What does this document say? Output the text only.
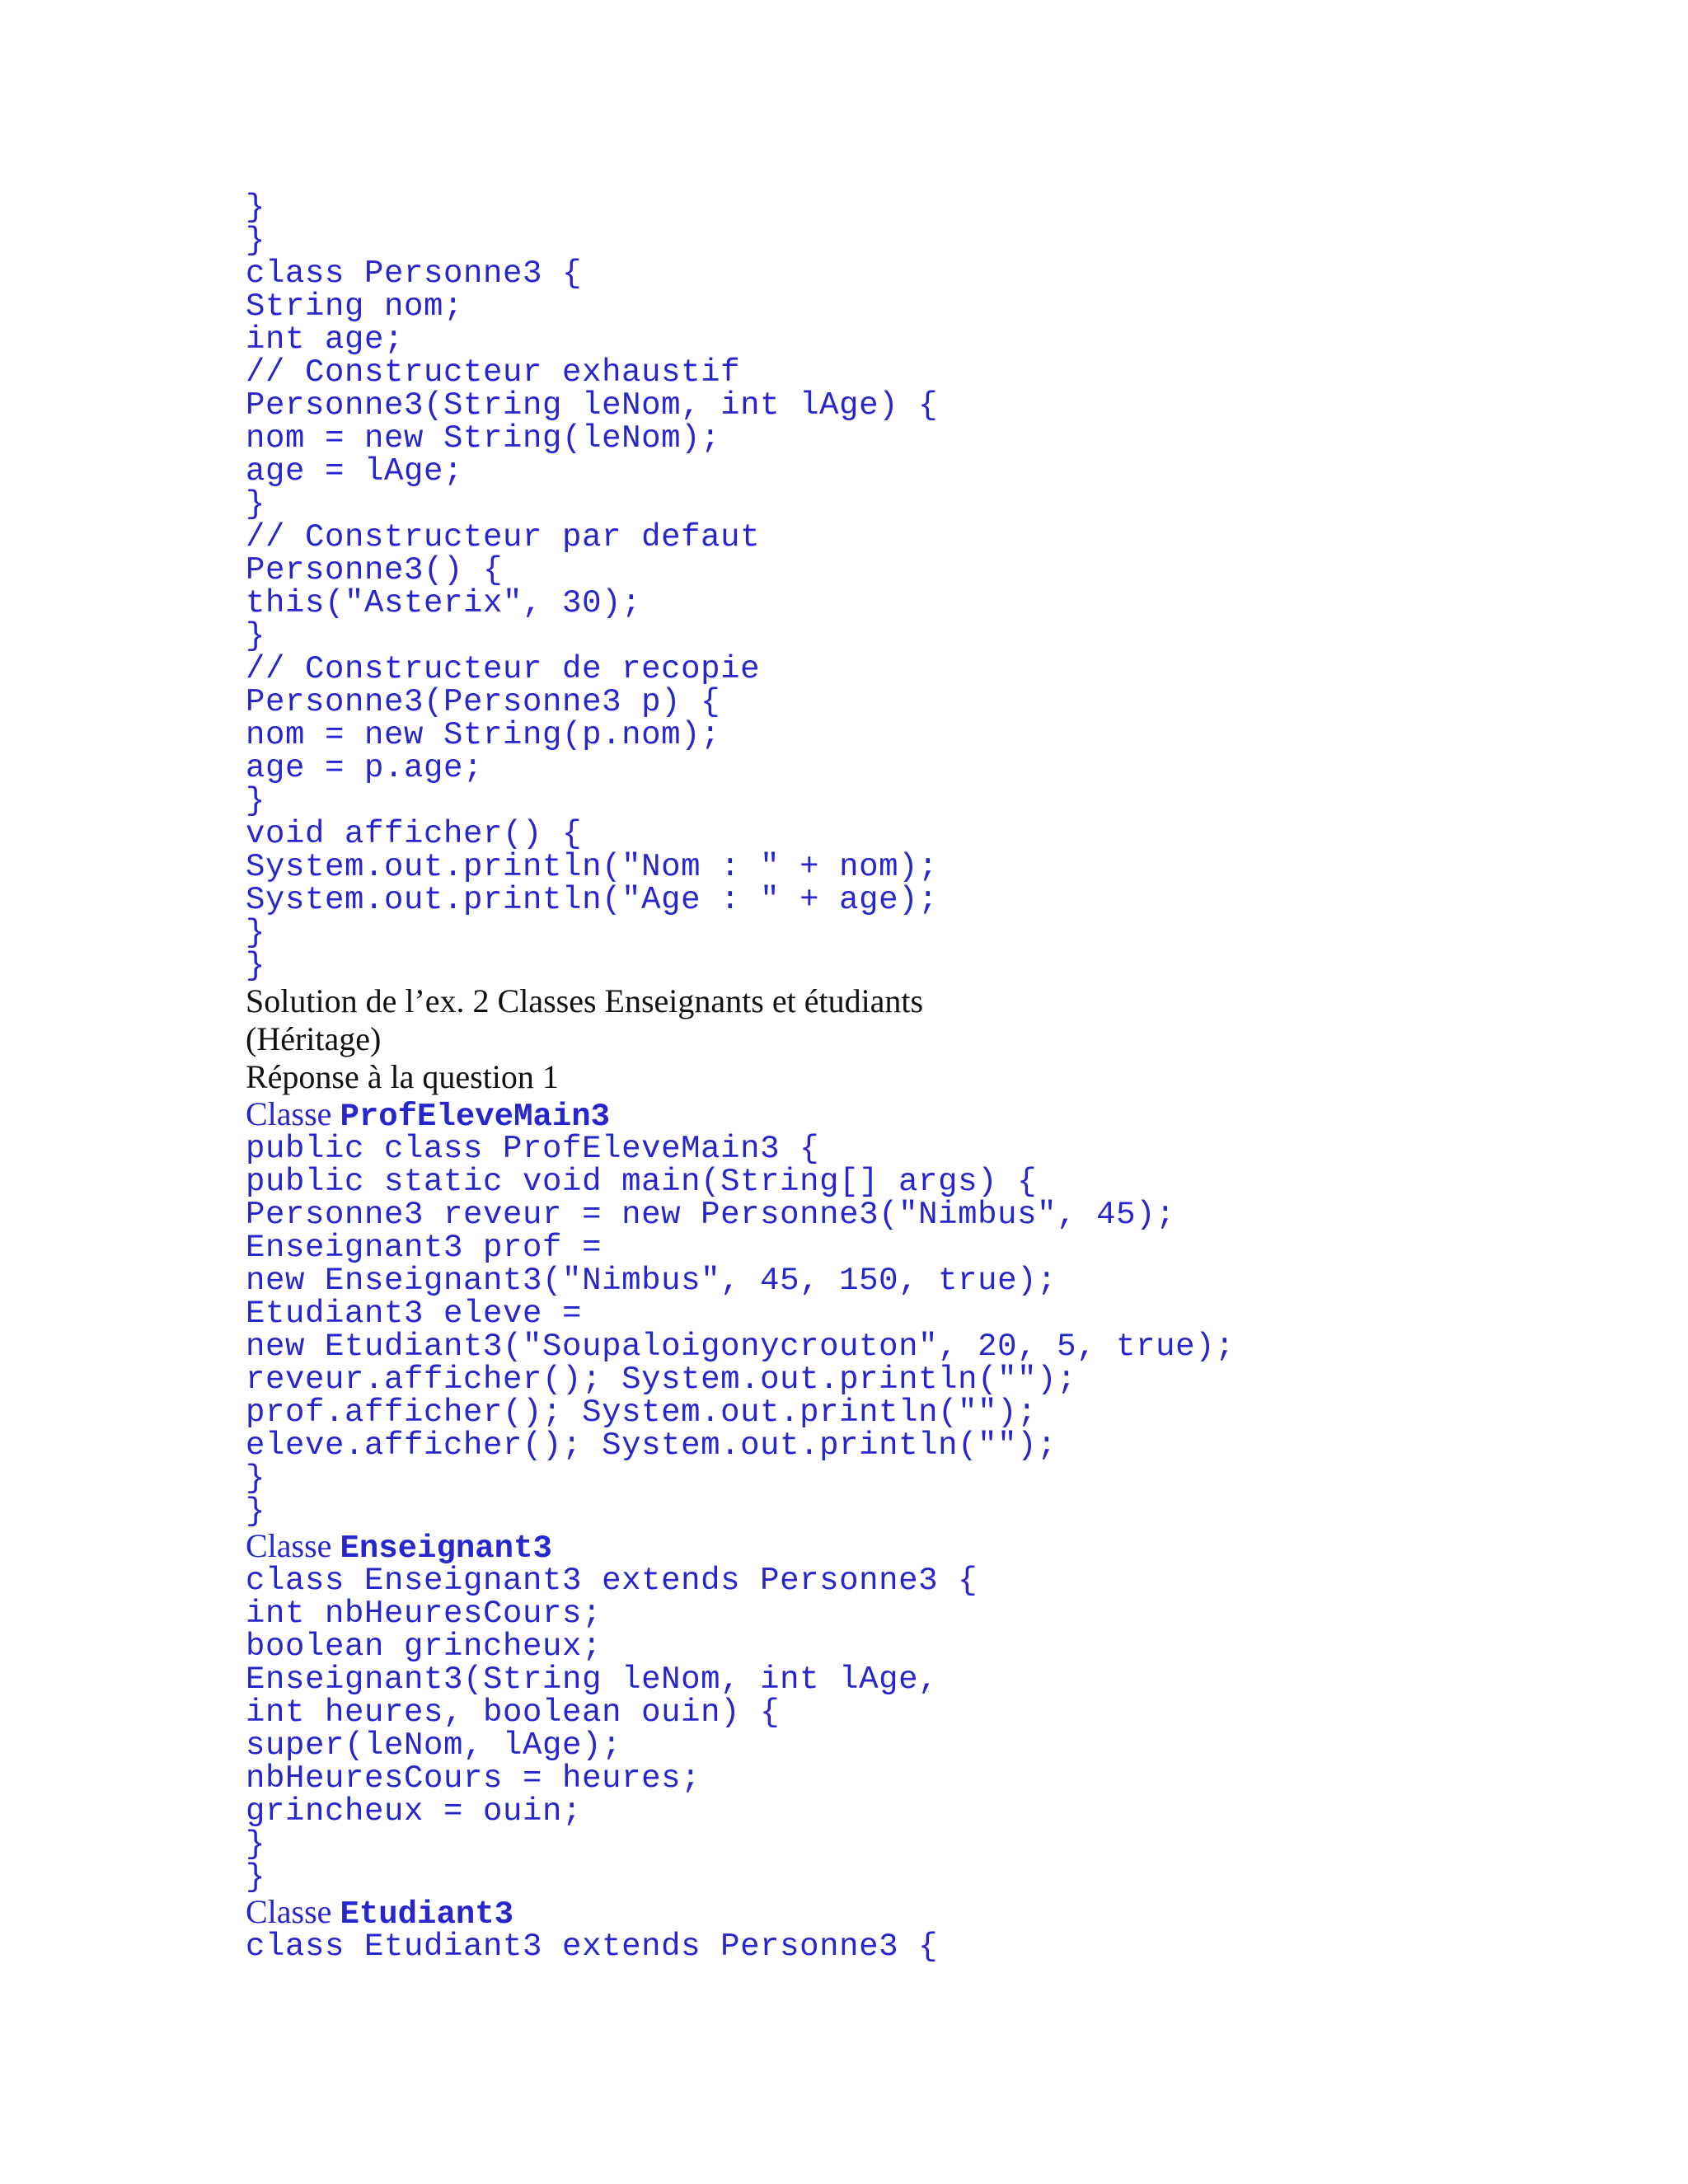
}
}
class Personne3 {
String nom;
int age;
// Constructeur exhaustif
Personne3(String leNom, int lAge) {
nom = new String(leNom);
age = lAge;
}
// Constructeur par defaut
Personne3() {
this("Asterix", 30);
}
// Constructeur de recopie
Personne3(Personne3 p) {
nom = new String(p.nom);
age = p.age;
}
void afficher() {
System.out.println("Nom : " + nom);
System.out.println("Age : " + age);
}
}
Solution de l’ex. 2 Classes Enseignants et étudiants
(Héritage)
Réponse à la question 1
Classe ProfEleveMain3
public class ProfEleveMain3 {
public static void main(String[] args) {
Personne3 reveur = new Personne3("Nimbus", 45);
Enseignant3 prof =
new Enseignant3("Nimbus", 45, 150, true);
Etudiant3 eleve =
new Etudiant3("Soupaloigonycrouton", 20, 5, true);
reveur.afficher(); System.out.println("");
prof.afficher(); System.out.println("");
eleve.afficher(); System.out.println("");
}
}
Classe Enseignant3
class Enseignant3 extends Personne3 {
int nbHeuresCours;
boolean grincheux;
Enseignant3(String leNom, int lAge,
int heures, boolean ouin) {
super(leNom, lAge);
nbHeuresCours = heures;
grincheux = ouin;
}
}
Classe Etudiant3
class Etudiant3 extends Personne3 {
